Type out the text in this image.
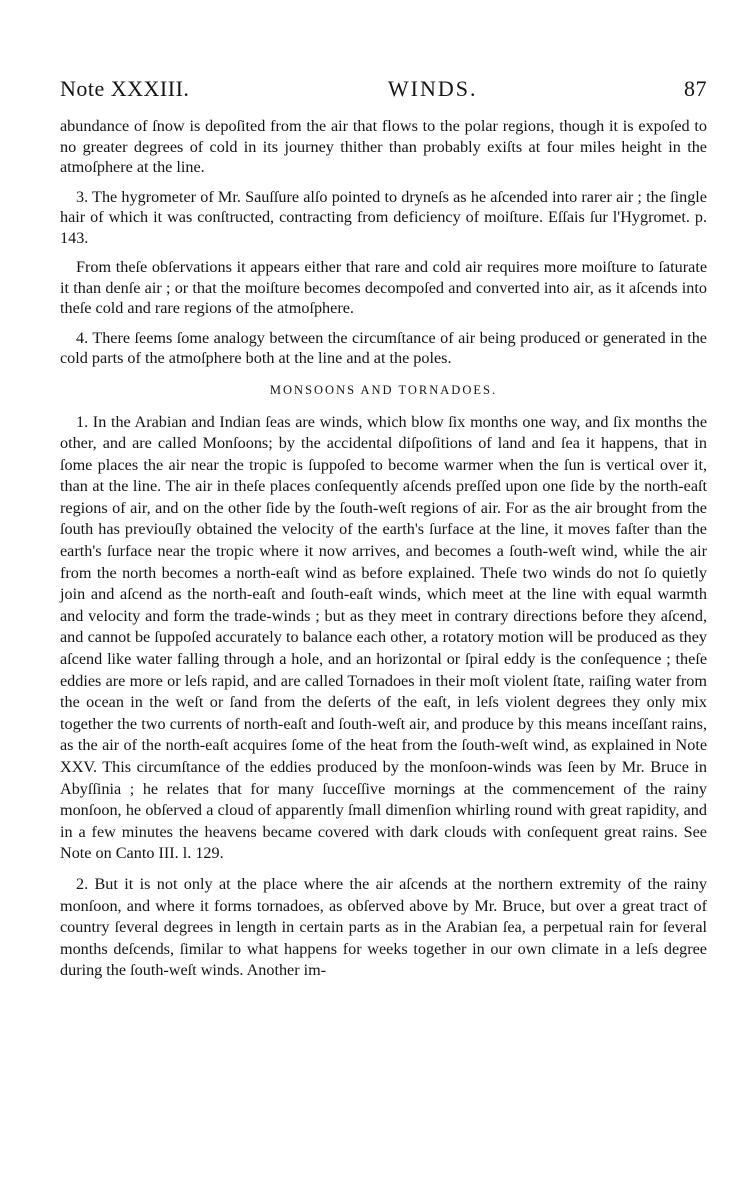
Note XXXIII.	WINDS.	87

abundance of ſnow is depoſited from the air that flows to the polar regions, though it is expoſed to no greater degrees of cold in its journey thither than probably exiſts at four miles height in the atmoſphere at the line.

3. The hygrometer of Mr. Sauſſure alſo pointed to dryneſs as he aſcended into rarer air ; the ſingle hair of which it was conſtructed, contracting from deficiency of moiſture. Eſſais ſur l'Hygromet. p. 143.

From theſe obſervations it appears either that rare and cold air requires more moiſture to ſaturate it than denſe air ; or that the moiſture becomes decompoſed and converted into air, as it aſcends into theſe cold and rare regions of the atmoſphere.

4. There ſeems ſome analogy between the circumſtance of air being produced or generated in the cold parts of the atmoſphere both at the line and at the poles.

MONSOONS AND TORNADOES.

1. In the Arabian and Indian ſeas are winds, which blow ſix months one way, and ſix months the other, and are called Monſoons; by the accidental diſpoſitions of land and ſea it happens, that in ſome places the air near the tropic is ſuppoſed to become warmer when the ſun is vertical over it, than at the line. The air in theſe places conſequently aſcends preſſed upon one ſide by the north-eaſt regions of air, and on the other ſide by the ſouth-weſt regions of air. For as the air brought from the ſouth has previouſly obtained the velocity of the earth's ſurface at the line, it moves faſter than the earth's ſurface near the tropic where it now arrives, and becomes a ſouth-weſt wind, while the air from the north becomes a north-eaſt wind as before explained. Theſe two winds do not ſo quietly join and aſcend as the north-eaſt and ſouth-eaſt winds, which meet at the line with equal warmth and velocity and form the trade-winds ; but as they meet in contrary directions before they aſcend, and cannot be ſuppoſed accurately to balance each other, a rotatory motion will be produced as they aſcend like water falling through a hole, and an horizontal or ſpiral eddy is the conſequence ; theſe eddies are more or leſs rapid, and are called Tornadoes in their moſt violent ſtate, raiſing water from the ocean in the weſt or ſand from the deſerts of the eaſt, in leſs violent degrees they only mix together the two currents of north-eaſt and ſouth-weſt air, and produce by this means inceſſant rains, as the air of the north-eaſt acquires ſome of the heat from the ſouth-weſt wind, as explained in Note XXV. This circumſtance of the eddies produced by the monſoon-winds was ſeen by Mr. Bruce in Abyſſinia ; he relates that for many ſucceſſive mornings at the commencement of the rainy monſoon, he obſerved a cloud of apparently ſmall dimenſion whirling round with great rapidity, and in a few minutes the heavens became covered with dark clouds with conſequent great rains. See Note on Canto III. l. 129.

2. But it is not only at the place where the air aſcends at the northern extremity of the rainy monſoon, and where it forms tornadoes, as obſerved above by Mr. Bruce, but over a great tract of country ſeveral degrees in length in certain parts as in the Arabian ſea, a perpetual rain for ſeveral months deſcends, ſimilar to what happens for weeks together in our own climate in a leſs degree during the ſouth-weſt winds. Another im-
